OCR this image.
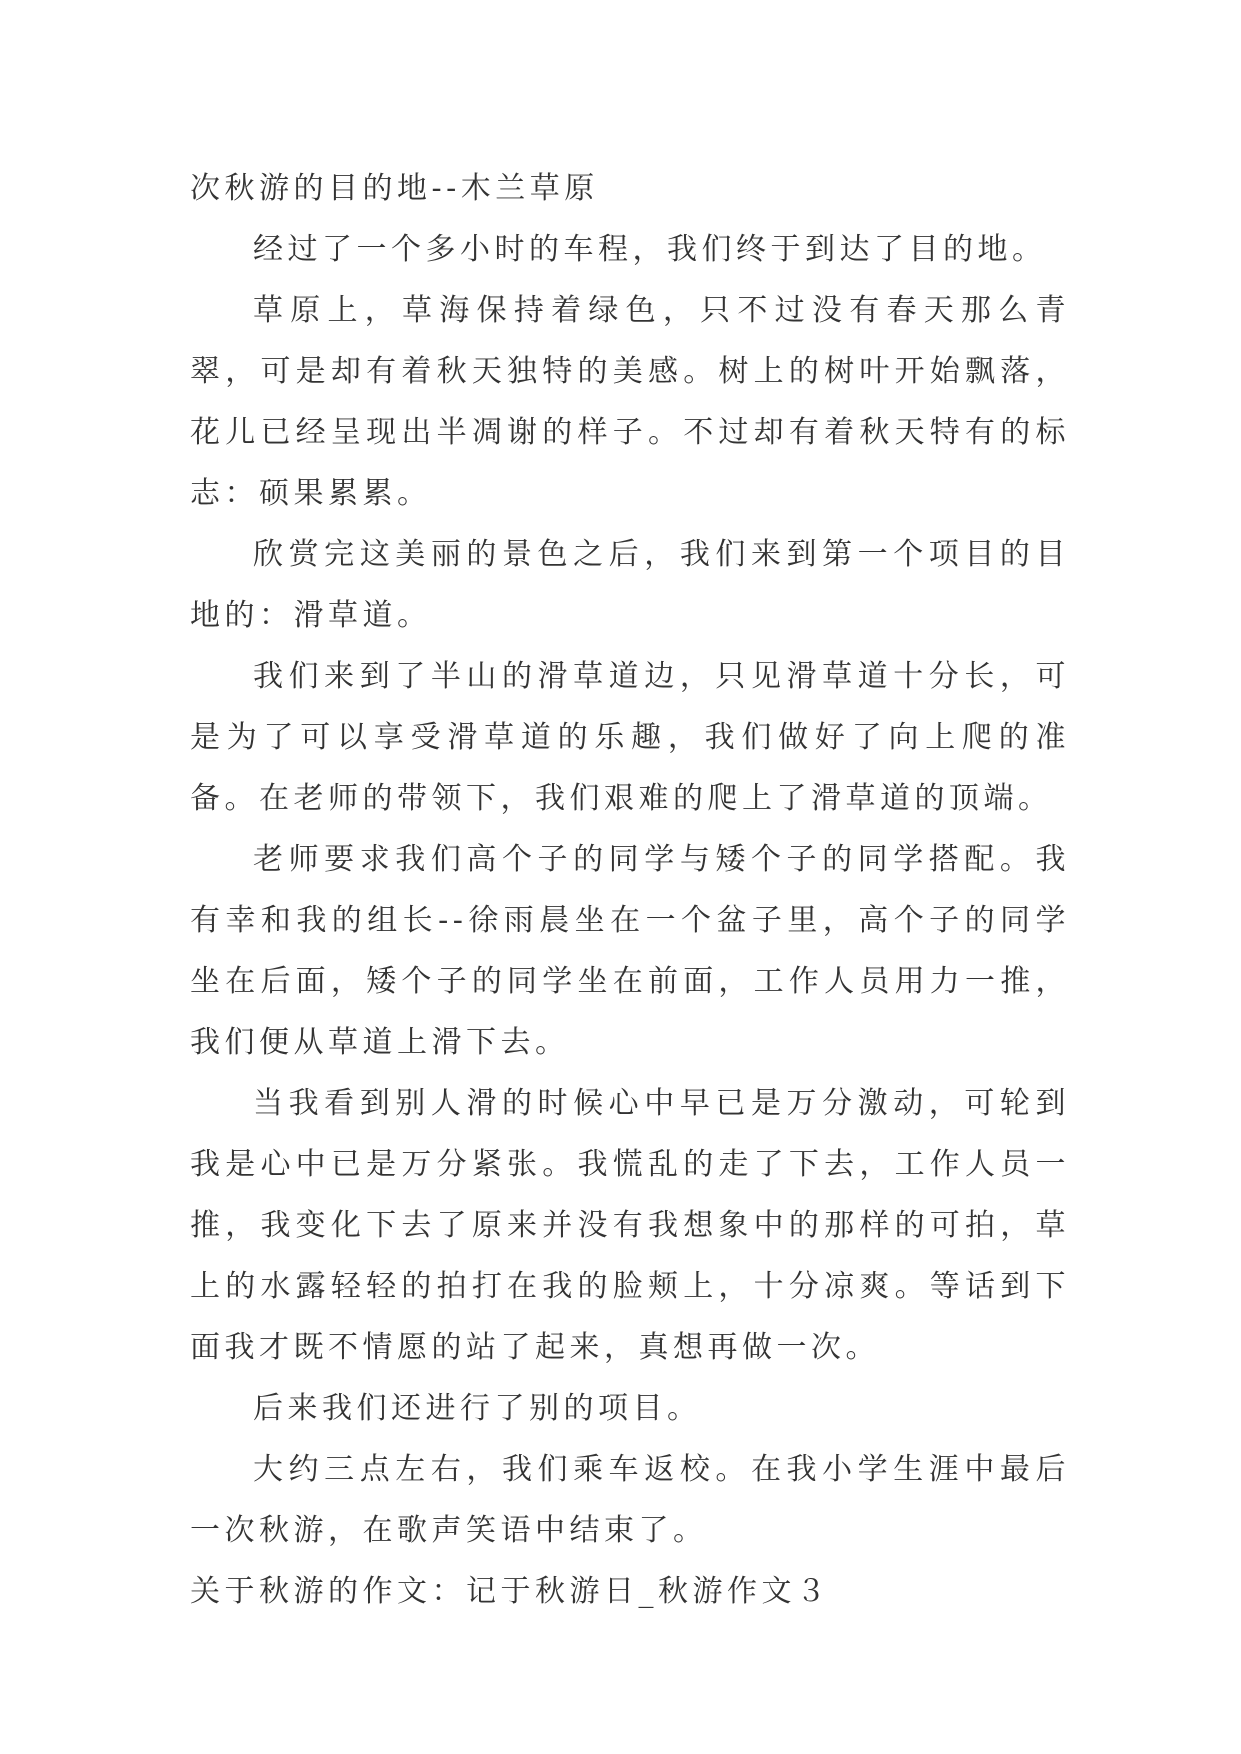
次秋游的目的地--木兰草原

经过了一个多小时的车程，我们终于到达了目的地。

草原上，草海保持着绿色，只不过没有春天那么青翠，可是却有着秋天独特的美感。树上的树叶开始飘落，花儿已经呈现出半凋谢的样子。不过却有着秋天特有的标志：硕果累累。

欣赏完这美丽的景色之后，我们来到第一个项目的目地的：滑草道。

我们来到了半山的滑草道边，只见滑草道十分长，可是为了可以享受滑草道的乐趣，我们做好了向上爬的准备。在老师的带领下，我们艰难的爬上了滑草道的顶端。

老师要求我们高个子的同学与矮个子的同学搭配。我有幸和我的组长--徐雨晨坐在一个盆子里，高个子的同学坐在后面，矮个子的同学坐在前面，工作人员用力一推，我们便从草道上滑下去。

当我看到别人滑的时候心中早已是万分激动，可轮到我是心中已是万分紧张。我慌乱的走了下去，工作人员一推，我变化下去了原来并没有我想象中的那样的可拍，草上的水露轻轻的拍打在我的脸颊上，十分凉爽。等话到下面我才既不情愿的站了起来，真想再做一次。

后来我们还进行了别的项目。

大约三点左右，我们乘车返校。在我小学生涯中最后一次秋游，在歌声笑语中结束了。

关于秋游的作文：记于秋游日_秋游作文３
